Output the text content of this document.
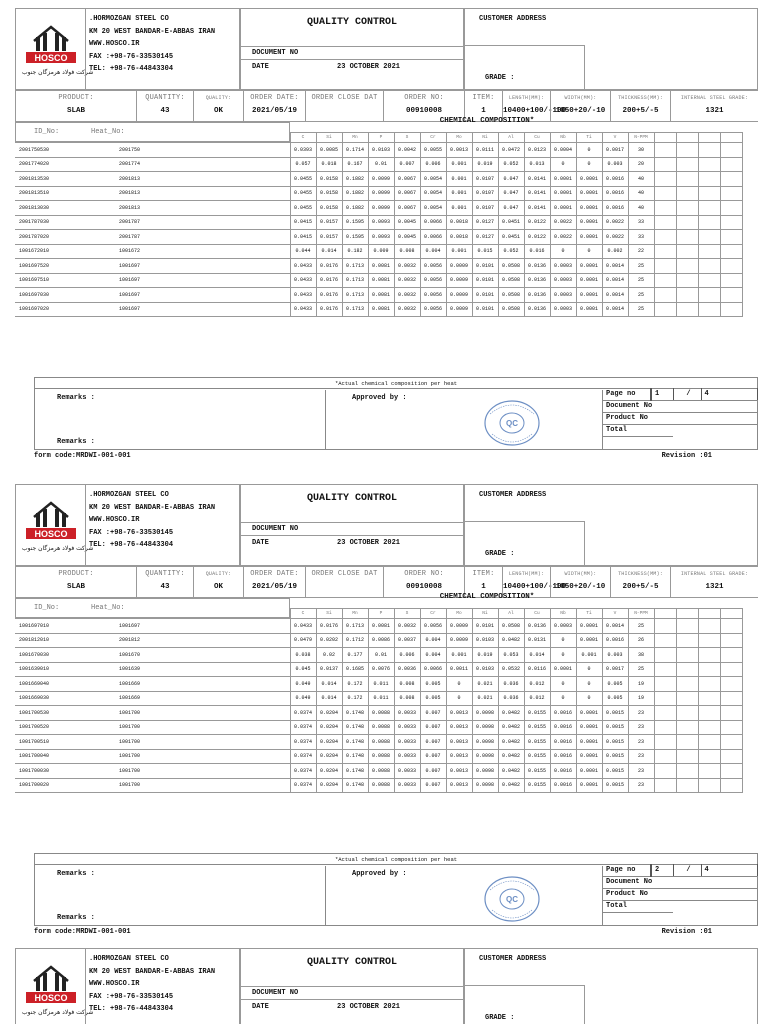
HOSCO
شرکت فولاد هرمزگان جنوب
.HORMOZGAN STEEL CO
KM 20 WEST BANDAR-E-ABBAS IRAN
WWW.HOSCO.IR
FAX :+98-76-33530145
TEL: +98-76-44843304
QUALITY CONTROL
DOCUMENT NO
DATE	23 OCTOBER 2021
CUSTOMER ADDRESS
GRADE :
PRODUCT:
SLAB
QUANTITY:
43
QUALITY:
OK
ORDER DATE:
2021/05/19
ORDER CLOSE DAT	ORDER NO:
00910008
ITEM:
1
LENGTH(MM):
10400+100/-100
WIDTH(MM):
1050+20/-10
THICKNESS(MM):
200+5/-5
INTERNAL STEEL GRADE:
1321
CHEMICAL COMPOSITION*
ID_No:	Heat_No:
			C	Si	Mn	P	S	Cr	Mo	Ni	Al	Cu	Nb	Ti	V	N-PPM				
2001750530	2001750		0.0393	0.0085	0.1714	0.0103	0.0042	0.0055	0.0013	0.0111	0.0472	0.0123	0.0004	0	0.0017	30				
2001774020	2001774		0.057	0.018	0.167	0.01	0.007	0.006	0.001	0.019	0.052	0.013	0	0	0.003	20				
2001813530	2001813		0.0455	0.0158	0.1882	0.0099	0.0067	0.0054	0.001	0.0107	0.047	0.0141	0.0001	0.0001	0.0016	40				
2001813510	2001813		0.0455	0.0158	0.1882	0.0099	0.0067	0.0054	0.001	0.0107	0.047	0.0141	0.0001	0.0001	0.0016	40				
2001813030	2001813		0.0455	0.0158	0.1882	0.0099	0.0067	0.0054	0.001	0.0107	0.047	0.0141	0.0001	0.0001	0.0016	40				
2001787030	2001787		0.0415	0.0157	0.1595	0.0093	0.0045	0.0066	0.0018	0.0127	0.0451	0.0122	0.0022	0.0001	0.0022	33				
2001787020	2001787		0.0415	0.0157	0.1595	0.0093	0.0045	0.0066	0.0018	0.0127	0.0451	0.0122	0.0022	0.0001	0.0022	33				
1001672010	1001672		0.044	0.014	0.182	0.009	0.008	0.004	0.001	0.015	0.052	0.016	0	0	0.002	22				
1001697520	1001697		0.0433	0.0176	0.1713	0.0081	0.0032	0.0056	0.0009	0.0101	0.0508	0.0136	0.0003	0.0001	0.0014	25				
1001697510	1001697		0.0433	0.0176	0.1713	0.0081	0.0032	0.0056	0.0009	0.0101	0.0508	0.0136	0.0003	0.0001	0.0014	25				
1001697030	1001697		0.0433	0.0176	0.1713	0.0081	0.0032	0.0056	0.0009	0.0101	0.0508	0.0136	0.0003	0.0001	0.0014	25				
1001697020	1001697		0.0433	0.0176	0.1713	0.0081	0.0032	0.0056	0.0009	0.0101	0.0508	0.0136	0.0003	0.0001	0.0014	25				
*Actual chemical composition per heat
Remarks :
Remarks :
Approved by :
QC
Page no	1	/	4
Document No			
Product No			
Total			
form code:MRDWI-001-001	Revision :01
HOSCO
شرکت فولاد هرمزگان جنوب
.HORMOZGAN STEEL CO
KM 20 WEST BANDAR-E-ABBAS IRAN
WWW.HOSCO.IR
FAX :+98-76-33530145
TEL: +98-76-44843304
QUALITY CONTROL
DOCUMENT NO
DATE	23 OCTOBER 2021
CUSTOMER ADDRESS
GRADE :
PRODUCT:
SLAB
QUANTITY:
43
QUALITY:
OK
ORDER DATE:
2021/05/19
ORDER CLOSE DAT	ORDER NO:
00910008
ITEM:
1
LENGTH(MM):
10400+100/-100
WIDTH(MM):
1050+20/-10
THICKNESS(MM):
200+5/-5
INTERNAL STEEL GRADE:
1321
CHEMICAL COMPOSITION*
ID_No:	Heat_No:
			C	Si	Mn	P	S	Cr	Mo	Ni	Al	Cu	Nb	Ti	V	N-PPM				
1001697010	1001697		0.0433	0.0176	0.1713	0.0081	0.0032	0.0056	0.0009	0.0101	0.0508	0.0136	0.0003	0.0001	0.0014	25				
2001812010	2001812		0.0479	0.0202	0.1712	0.0086	0.0037	0.004	0.0009	0.0103	0.0482	0.0131	0	0.0001	0.0016	26				
1001670030	1001670		0.038	0.02	0.177	0.01	0.006	0.004	0.001	0.019	0.053	0.014	0	0.001	0.003	38				
1001639010	1001639		0.045	0.0137	0.1685	0.0076	0.0036	0.0066	0.0011	0.0103	0.0532	0.0116	0.0001	0	0.0017	25				
1001669040	1001669		0.049	0.014	0.172	0.011	0.008	0.005	0	0.021	0.036	0.012	0	0	0.005	19				
1001669030	1001669		0.049	0.014	0.172	0.011	0.008	0.005	0	0.021	0.036	0.012	0	0	0.005	19				
1001700530	1001700		0.0374	0.0204	0.1748	0.0088	0.0033	0.007	0.0013	0.0098	0.0482	0.0155	0.0016	0.0001	0.0015	23				
1001700520	1001700		0.0374	0.0204	0.1748	0.0088	0.0033	0.007	0.0013	0.0098	0.0482	0.0155	0.0016	0.0001	0.0015	23				
1001700510	1001700		0.0374	0.0204	0.1748	0.0088	0.0033	0.007	0.0013	0.0098	0.0482	0.0155	0.0016	0.0001	0.0015	23				
1001700040	1001700		0.0374	0.0204	0.1748	0.0088	0.0033	0.007	0.0013	0.0098	0.0482	0.0155	0.0016	0.0001	0.0015	23				
1001700030	1001700		0.0374	0.0204	0.1748	0.0088	0.0033	0.007	0.0013	0.0098	0.0482	0.0155	0.0016	0.0001	0.0015	23				
1001700020	1001700		0.0374	0.0204	0.1748	0.0088	0.0033	0.007	0.0013	0.0098	0.0482	0.0155	0.0016	0.0001	0.0015	23				
*Actual chemical composition per heat
Remarks :
Remarks :
Approved by :
QC
Page no	2	/	4
Document No			
Product No			
Total			
form code:MRDWI-001-001	Revision :01
HOSCO
شرکت فولاد هرمزگان جنوب
.HORMOZGAN STEEL CO
KM 20 WEST BANDAR-E-ABBAS IRAN
WWW.HOSCO.IR
FAX :+98-76-33530145
TEL: +98-76-44843304
QUALITY CONTROL
DOCUMENT NO
DATE	23 OCTOBER 2021
CUSTOMER ADDRESS
GRADE :
